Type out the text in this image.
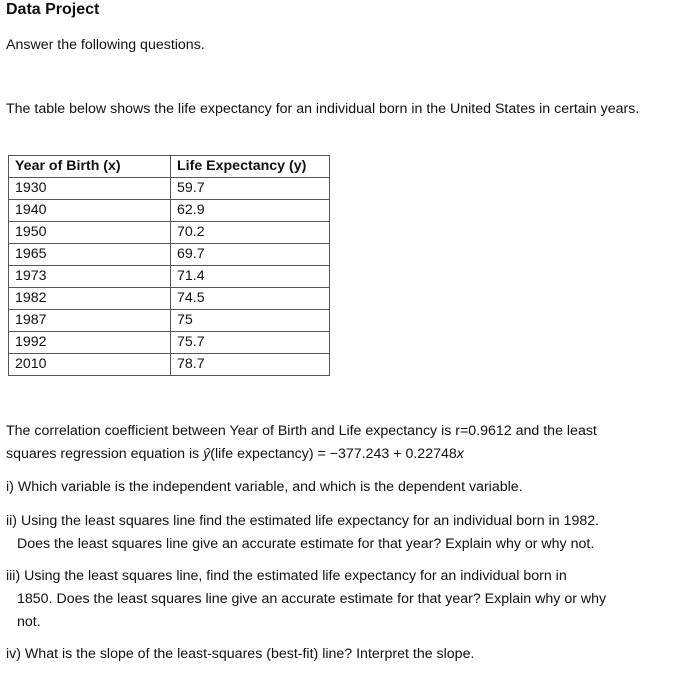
Data Project
Answer the following questions.
The table below shows the life expectancy for an individual born in the United States in certain years.
Year of Birth (x)	Life Expectancy (y)
1930	59.7
1940	62.9
1950	70.2
1965	69.7
1973	71.4
1982	74.5
1987	75
1992	75.7
2010	78.7
The correlation coefficient between Year of Birth and Life expectancy is r=0.9612 and the least
squares regression equation is ŷ(life expectancy) = −377.243 + 0.22748x
i) Which variable is the independent variable, and which is the dependent variable.
ii) Using the least squares line find the estimated life expectancy for an individual born in 1982.
Does the least squares line give an accurate estimate for that year? Explain why or why not.
iii) Using the least squares line, find the estimated life expectancy for an individual born in
1850. Does the least squares line give an accurate estimate for that year? Explain why or why
not.
iv) What is the slope of the least-squares (best-fit) line? Interpret the slope.
